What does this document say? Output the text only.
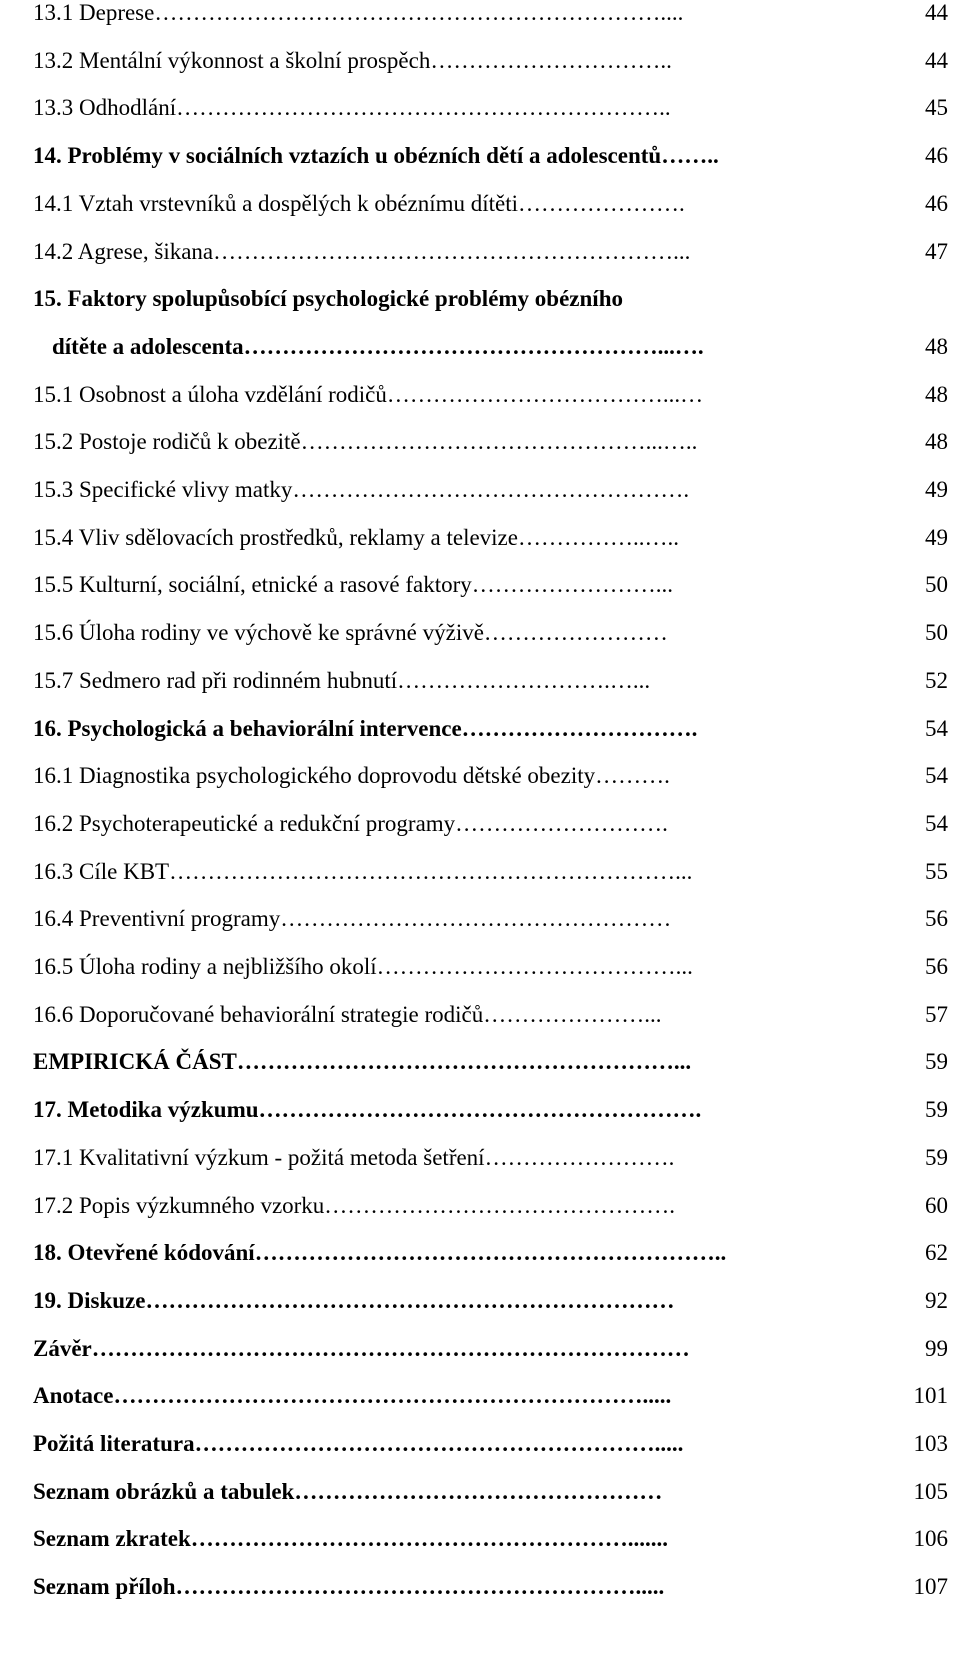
13.1 Deprese…………………………………………………………....	44
13.2 Mentální výkonnost a školní prospěch…………………………..	44
13.3 Odhodlání………………………………………………………..	45
14. Problémy v sociálních vztazích u obézních dětí a adolescentů……..	46
14.1 Vztah vrstevníků a dospělých k obéznímu dítěti………………….	46
14.2 Agrese, šikana……………………………………………………...	47
15. Faktory spolupůsobící psychologické problémy obézního
dítěte a adolescenta………………………………………………...….	48
15.1 Osobnost a úloha vzdělání rodičů………………………………...…	48
15.2 Postoje rodičů k obezitě………………………………………...…..	48
15.3 Specifické vlivy matky…………………………………………….	49
15.4 Vliv sdělovacích prostředků, reklamy a televize……………..…..	49
15.5 Kulturní, sociální, etnické a rasové faktory……………………...	50
15.6 Úloha rodiny ve výchově ke správné výživě……………………	50
15.7 Sedmero rad při rodinném hubnutí……………………….…...	52
16. Psychologická a behaviorální intervence………………………….	54
16.1 Diagnostika psychologického doprovodu dětské obezity……….	54
16.2 Psychoterapeutické a redukční programy……………………….	54
16.3 Cíle KBT…………………………………………………………...	55
16.4 Preventivní programy……………………………………………	56
16.5 Úloha rodiny a nejbližšího okolí…………………………………...	56
16.6 Doporučované behaviorální strategie rodičů…………………...	57
EMPIRICKÁ ČÁST…………………………………………………...	59
17. Metodika výzkumu………………………………………………….	59
17.1 Kvalitativní výzkum - požitá metoda šetření…………………….	59
17.2 Popis výzkumného vzorku……………………………………….	60
18. Otevřené kódování……………………………………………………..	62
19. Diskuze……………………………………………………………	92
Závěr……………………………………………………………………	99
Anotace…………………………………………………………….....	101
Požitá literatura…………………………………………………….....	103
Seznam obrázků a tabulek…………………………………………	105
Seznam zkratek………………………………………………….......	106
Seznam příloh…………………………………………………….....	107
